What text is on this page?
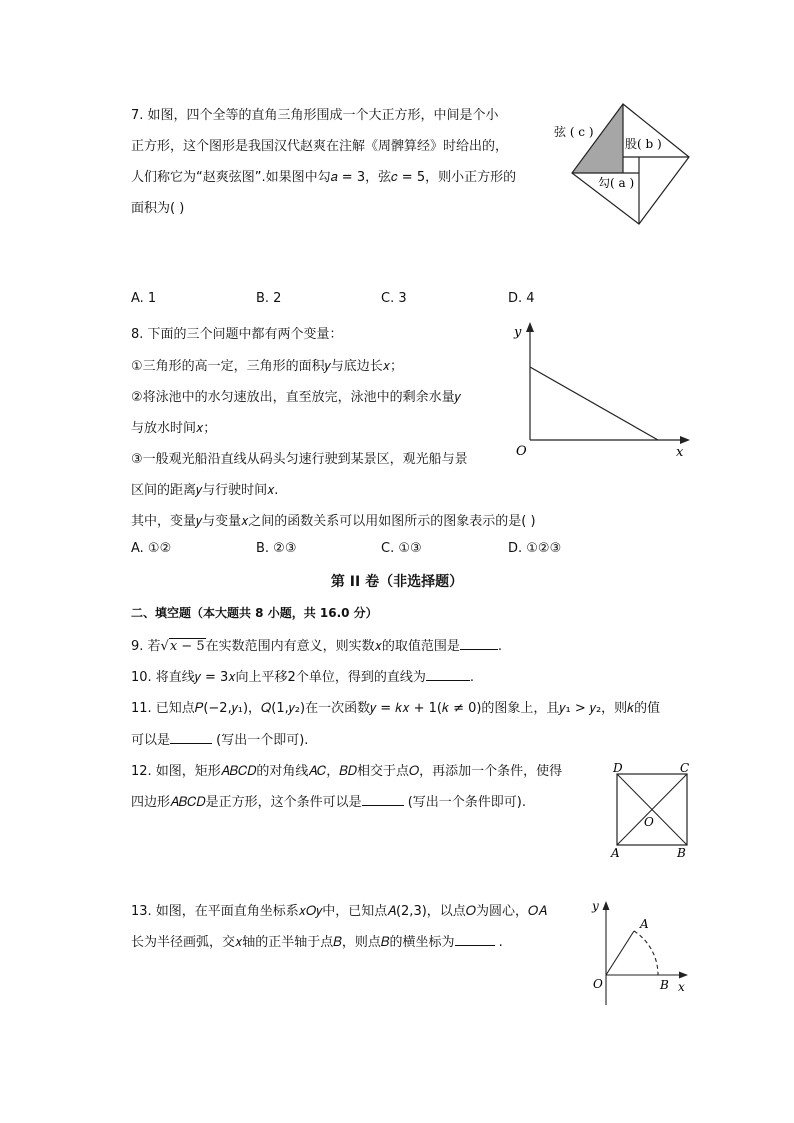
7. 如图，四个全等的直角三角形围成一个大正方形，中间是个小
正方形，这个图形是我国汉代赵爽在注解《周髀算经》时给出的，
人们称它为“赵爽弦图”.如果图中勾𝑎 = 3，弦𝑐 = 5，则小正方形的
面积为( )
弦 ( c )
股( b )
勾( a )
A. 1	B. 2	C. 3	D. 4
8. 下面的三个问题中都有两个变量：
①三角形的高一定，三角形的面积𝑦与底边长𝑥；
②将泳池中的水匀速放出，直至放完，泳池中的剩余水量𝑦
与放水时间𝑥；
③一般观光船沿直线从码头匀速行驶到某景区，观光船与景
区间的距离𝑦与行驶时间𝑥.
其中，变量𝑦与变量𝑥之间的函数关系可以用如图所示的图象表示的是( )
y
x
O
A. ①②	B. ②③	C. ①③	D. ①②③
第 II 卷（非选择题）
二、填空题（本大题共 8 小题，共 16.0 分）
9. 若√𝑥 − 5在实数范围内有意义，则实数𝑥的取值范围是	.
10. 将直线𝑦 = 3𝑥向上平移2个单位，得到的直线为	.
11. 已知点𝑃(−2,𝑦₁)，𝑄(1,𝑦₂)在一次函数𝑦 = 𝑘𝑥 + 1(𝑘 ≠ 0)的图象上，且𝑦₁ > 𝑦₂，则𝑘的值
可以是	(写出一个即可).
12. 如图，矩形𝐴𝐵𝐶𝐷的对角线𝐴𝐶，𝐵𝐷相交于点𝑂，再添加一个条件，使得
四边形𝐴𝐵𝐶𝐷是正方形，这个条件可以是	(写出一个条件即可).
D	C
A	B
O
13. 如图，在平面直角坐标系𝑥𝑂𝑦中，已知点𝐴(2,3)，以点𝑂为圆心，𝑂𝐴
长为半径画弧，交𝑥轴的正半轴于点𝐵，则点𝐵的横坐标为	.
y
x
O
A
B
